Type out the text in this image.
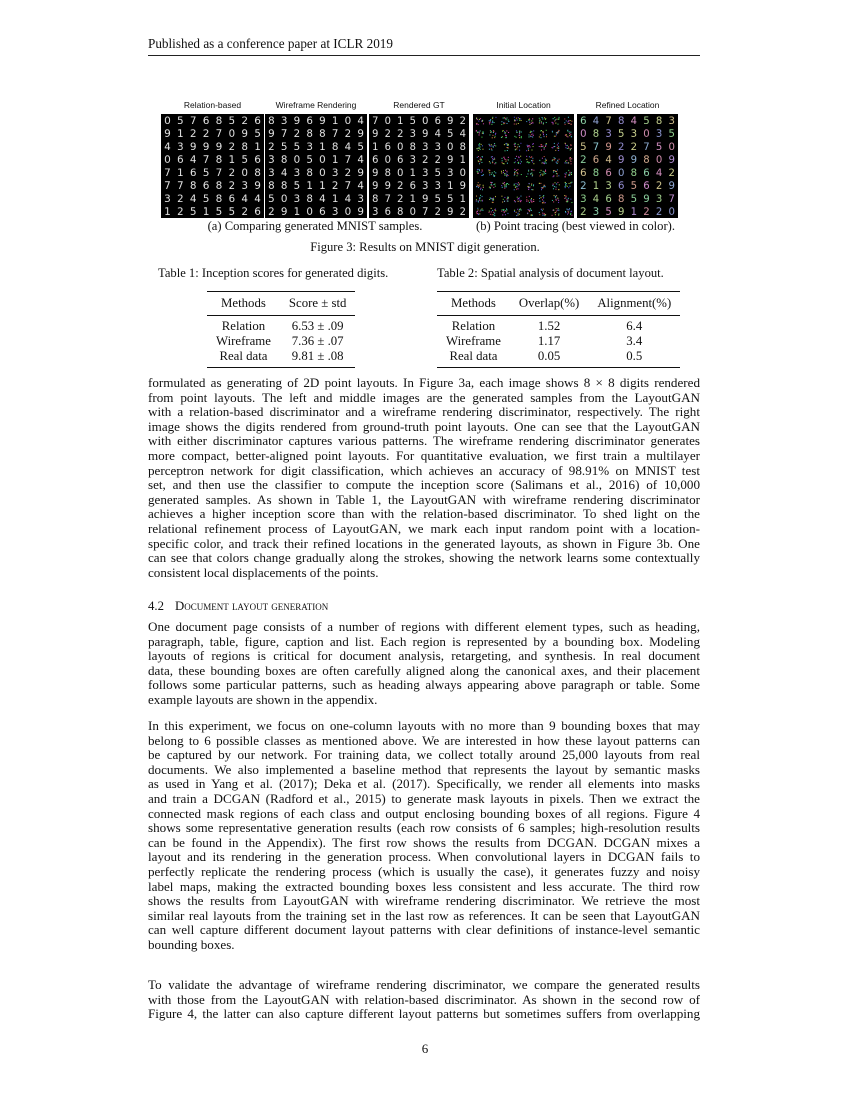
Published as a conference paper at ICLR 2019
Relation-based	Wireframe Rendering	Rendered GT	Initial Location	Refined Location
(a) Comparing generated MNIST samples.	(b) Point tracing (best viewed in color).
Figure 3: Results on MNIST digit generation.
Table 1: Inception scores for generated digits.
Methods	Score ± std
Relation	6.53 ± .09
Wireframe	7.36 ± .07
Real data	9.81 ± .08
Table 2: Spatial analysis of document layout.
Methods	Overlap(%)	Alignment(%)
Relation	1.52	6.4
Wireframe	1.17	3.4
Real data	0.05	0.5
formulated as generating of 2D point layouts. In Figure 3a, each image shows 8 × 8 digits rendered
from point layouts. The left and middle images are the generated samples from the LayoutGAN
with a relation-based discriminator and a wireframe rendering discriminator, respectively. The right
image shows the digits rendered from ground-truth point layouts. One can see that the LayoutGAN
with either discriminator captures various patterns. The wireframe rendering discriminator generates
more compact, better-aligned point layouts. For quantitative evaluation, we first train a multilayer
perceptron network for digit classification, which achieves an accuracy of 98.91% on MNIST test
set, and then use the classifier to compute the inception score (Salimans et al., 2016) of 10,000
generated samples. As shown in Table 1, the LayoutGAN with wireframe rendering discriminator
achieves a higher inception score than with the relation-based discriminator. To shed light on the
relational refinement process of LayoutGAN, we mark each input random point with a location-
specific color, and track their refined locations in the generated layouts, as shown in Figure 3b. One
can see that colors change gradually along the strokes, showing the network learns some contextually
consistent local displacements of the points.
4.2 Document layout generation
One document page consists of a number of regions with different element types, such as heading,
paragraph, table, figure, caption and list. Each region is represented by a bounding box. Modeling
layouts of regions is critical for document analysis, retargeting, and synthesis. In real document
data, these bounding boxes are often carefully aligned along the canonical axes, and their placement
follows some particular patterns, such as heading always appearing above paragraph or table. Some
example layouts are shown in the appendix.
In this experiment, we focus on one-column layouts with no more than 9 bounding boxes that may
belong to 6 possible classes as mentioned above. We are interested in how these layout patterns can
be captured by our network. For training data, we collect totally around 25,000 layouts from real
documents. We also implemented a baseline method that represents the layout by semantic masks
as used in Yang et al. (2017); Deka et al. (2017). Specifically, we render all elements into masks
and train a DCGAN (Radford et al., 2015) to generate mask layouts in pixels. Then we extract the
connected mask regions of each class and output enclosing bounding boxes of all regions. Figure 4
shows some representative generation results (each row consists of 6 samples; high-resolution results
can be found in the Appendix). The first row shows the results from DCGAN. DCGAN mixes a
layout and its rendering in the generation process. When convolutional layers in DCGAN fails to
perfectly replicate the rendering process (which is usually the case), it generates fuzzy and noisy
label maps, making the extracted bounding boxes less consistent and less accurate. The third row
shows the results from LayoutGAN with wireframe rendering discriminator. We retrieve the most
similar real layouts from the training set in the last row as references. It can be seen that LayoutGAN
can well capture different document layout patterns with clear definitions of instance-level semantic
bounding boxes.
To validate the advantage of wireframe rendering discriminator, we compare the generated results
with those from the LayoutGAN with relation-based discriminator. As shown in the second row of
Figure 4, the latter can also capture different layout patterns but sometimes suffers from overlapping
6
